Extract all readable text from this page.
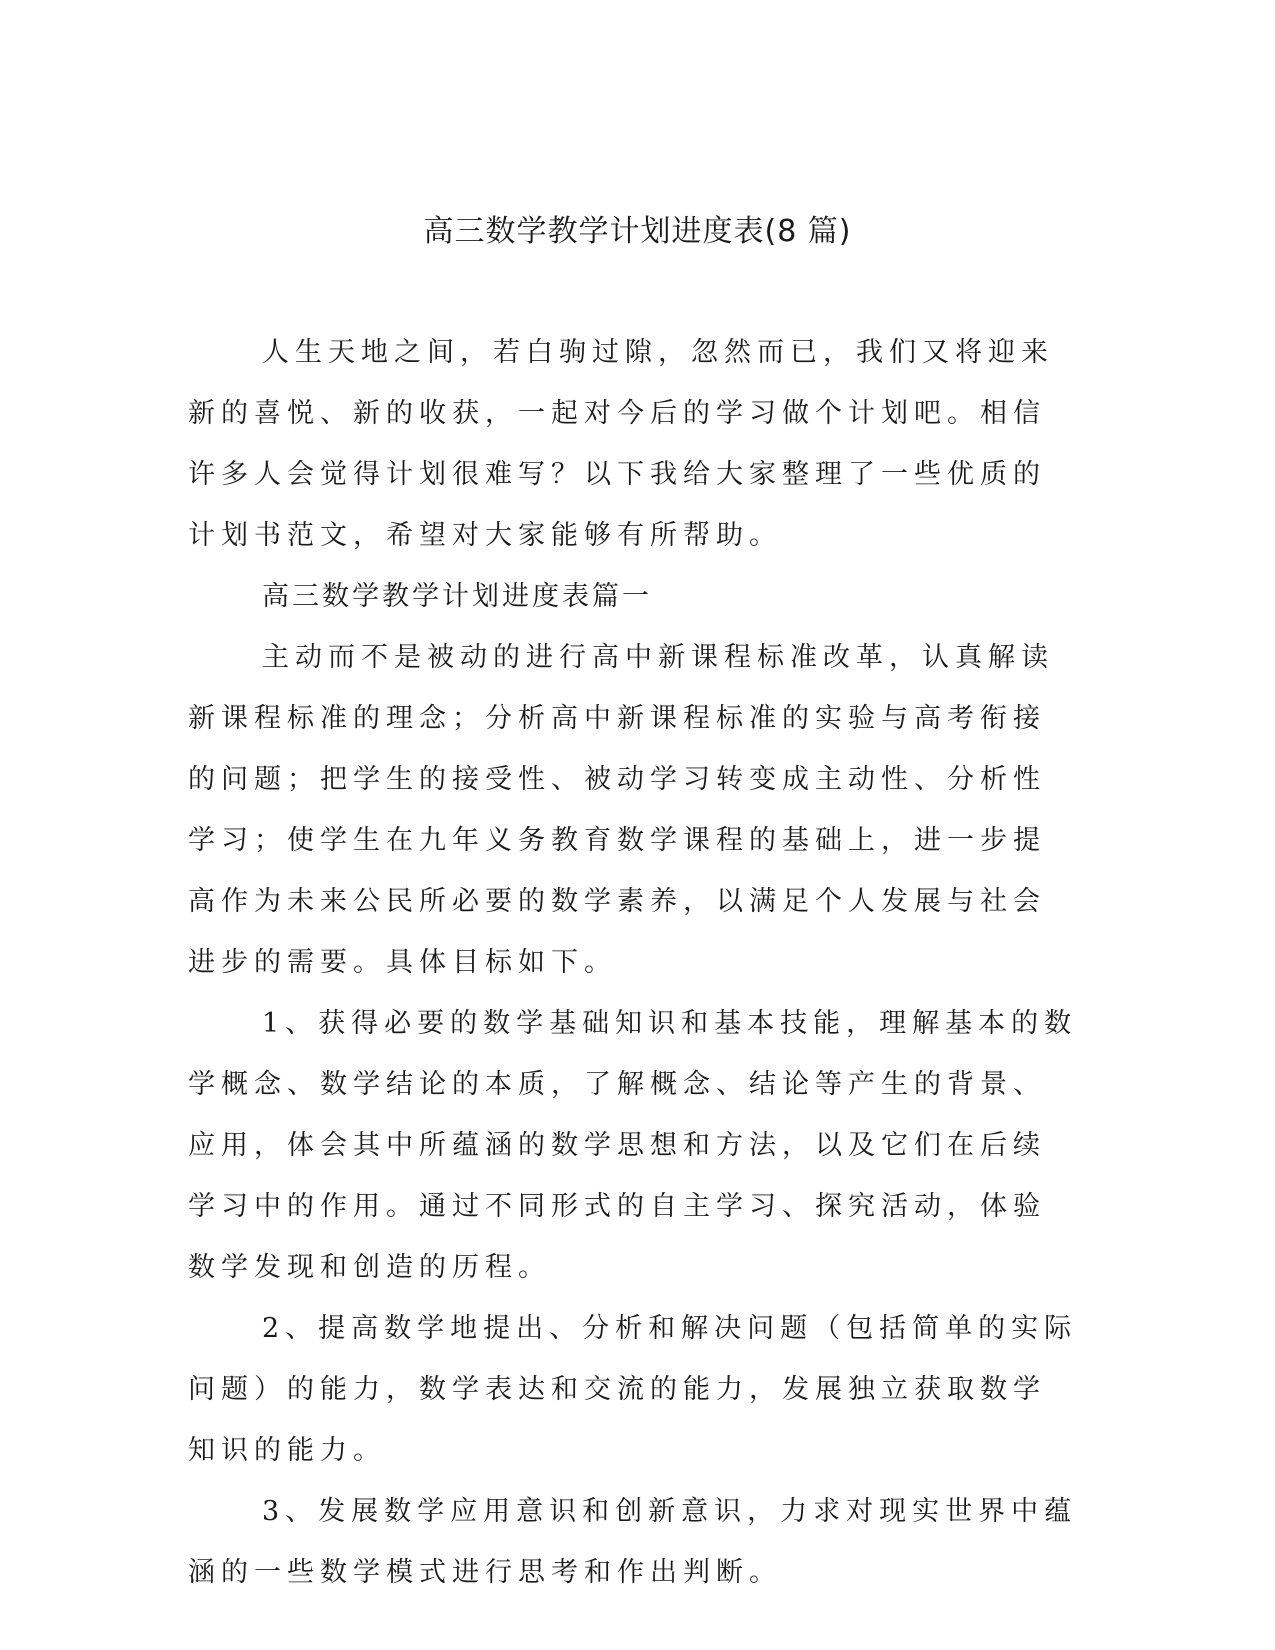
高三数学教学计划进度表(8 篇)

人生天地之间，若白驹过隙，忽然而已，我们又将迎来新的喜悦、新的收获，一起对今后的学习做个计划吧。相信许多人会觉得计划很难写？以下我给大家整理了一些优质的计划书范文，希望对大家能够有所帮助。

高三数学教学计划进度表篇一

主动而不是被动的进行高中新课程标准改革，认真解读新课程标准的理念；分析高中新课程标准的实验与高考衔接的问题；把学生的接受性、被动学习转变成主动性、分析性学习；使学生在九年义务教育数学课程的基础上，进一步提高作为未来公民所必要的数学素养，以满足个人发展与社会进步的需要。具体目标如下。

1、获得必要的数学基础知识和基本技能，理解基本的数学概念、数学结论的本质，了解概念、结论等产生的背景、应用，体会其中所蕴涵的数学思想和方法，以及它们在后续学习中的作用。通过不同形式的自主学习、探究活动，体验数学发现和创造的历程。

2、提高数学地提出、分析和解决问题（包括简单的实际问题）的能力，数学表达和交流的能力，发展独立获取数学知识的能力。

3、发展数学应用意识和创新意识，力求对现实世界中蕴涵的一些数学模式进行思考和作出判断。
